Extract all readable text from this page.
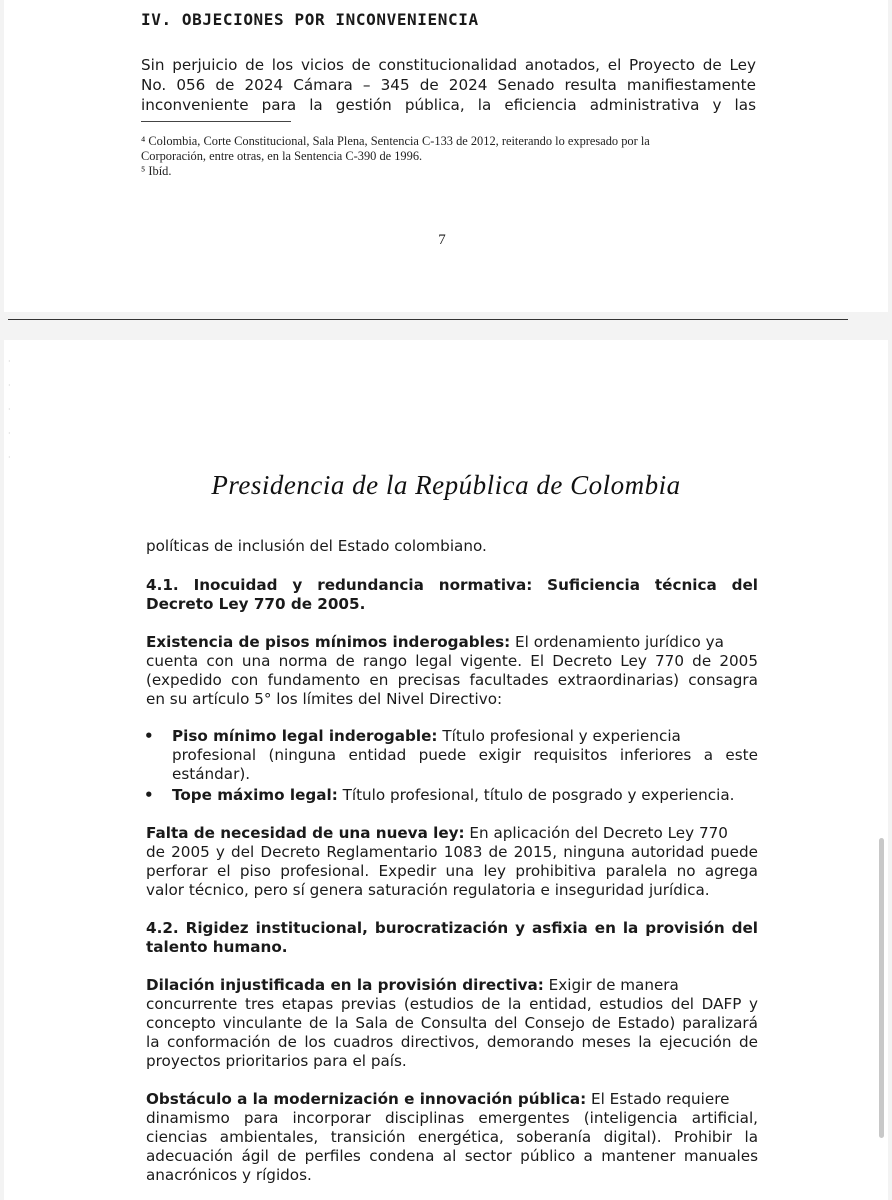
IV. OBJECIONES POR INCONVENIENCIA
Sin perjuicio de los vicios de constitucionalidad anotados, el Proyecto de Ley
No. 056 de 2024 Cámara – 345 de 2024 Senado resulta manifiestamente
inconveniente para la gestión pública, la eficiencia administrativa y las
⁴ Colombia, Corte Constitucional, Sala Plena, Sentencia C-133 de 2012, reiterando lo expresado por la
Corporación, entre otras, en la Sentencia C-390 de 1996.
⁵ Ibíd.
7
·
·
·
·
·
Presidencia de la República de Colombia
políticas de inclusión del Estado colombiano.
4.1. Inocuidad y redundancia normativa: Suficiencia técnica del
Decreto Ley 770 de 2005.
Existencia de pisos mínimos inderogables: El ordenamiento jurídico ya
cuenta con una norma de rango legal vigente. El Decreto Ley 770 de 2005
(expedido con fundamento en precisas facultades extraordinarias) consagra
en su artículo 5° los límites del Nivel Directivo:
• Piso mínimo legal inderogable: Título profesional y experiencia
profesional (ninguna entidad puede exigir requisitos inferiores a este
estándar).
• Tope máximo legal: Título profesional, título de posgrado y experiencia.
Falta de necesidad de una nueva ley: En aplicación del Decreto Ley 770
de 2005 y del Decreto Reglamentario 1083 de 2015, ninguna autoridad puede
perforar el piso profesional. Expedir una ley prohibitiva paralela no agrega
valor técnico, pero sí genera saturación regulatoria e inseguridad jurídica.
4.2. Rigidez institucional, burocratización y asfixia en la provisión del
talento humano.
Dilación injustificada en la provisión directiva: Exigir de manera
concurrente tres etapas previas (estudios de la entidad, estudios del DAFP y
concepto vinculante de la Sala de Consulta del Consejo de Estado) paralizará
la conformación de los cuadros directivos, demorando meses la ejecución de
proyectos prioritarios para el país.
Obstáculo a la modernización e innovación pública: El Estado requiere
dinamismo para incorporar disciplinas emergentes (inteligencia artificial,
ciencias ambientales, transición energética, soberanía digital). Prohibir la
adecuación ágil de perfiles condena al sector público a mantener manuales
anacrónicos y rígidos.
